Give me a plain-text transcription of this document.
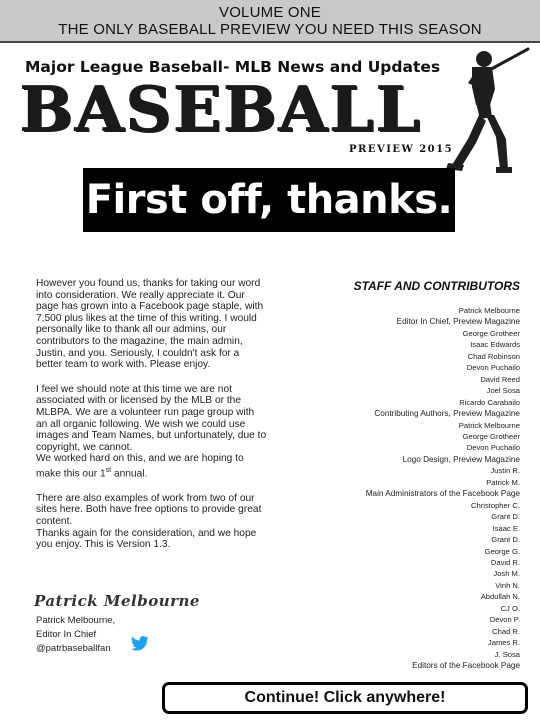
VOLUME ONE
THE ONLY BASEBALL PREVIEW YOU NEED THIS SEASON
Major League Baseball- MLB News and Updates
BASEBALL
PREVIEW 2015
First off, thanks.

However you found us, thanks for taking our word into consideration. We really appreciate it. Our page has grown into a Facebook page staple, with 7,500 plus likes at the time of this writing. I would personally like to thank all our admins, our contributors to the magazine, the main admin, Justin, and you. Seriously, I couldn't ask for a better team to work with. Please enjoy.

I feel we should note at this time we are not associated with or licensed by the MLB or the MLBPA. We are a volunteer run page group with an all organic following. We wish we could use images and Team Names, but unfortunately, due to copyright, we cannot.

We worked hard on this, and we are hoping to make this our 1st annual.

There are also examples of work from two of our sites here. Both have free options to provide great content.

Thanks again for the consideration, and we hope you enjoy. This is Version 1.3.

Patrick Melbourne
Patrick Melbourne,
Editor In Chief
@patrbaseballfan
STAFF AND CONTRIBUTORS
Patrick Melbourne
Editor In Chief, Preview Magazine
George Grotheer
Isaac Edwards
Chad Robinson
Devon Puchailo
David Reed
Joel Sosa
Ricardo Carabailo
Contributing Authors, Preview Magazine
Patrick Melbourne
George Grotheer
Devon Puchailo
Logo Design, Preview Magazine
Justin R.
Patrick M.
Main Administrators of the Facebook Page
Christopher C.
Grant D.
Isaac E.
Grant D.
George G.
David R.
Josh M.
Vinh N.
Abdullah N.
CJ O.
Devon P.
Chad R.
James R.
J. Sosa
Editors of the Facebook Page
Continue! Click anywhere!
